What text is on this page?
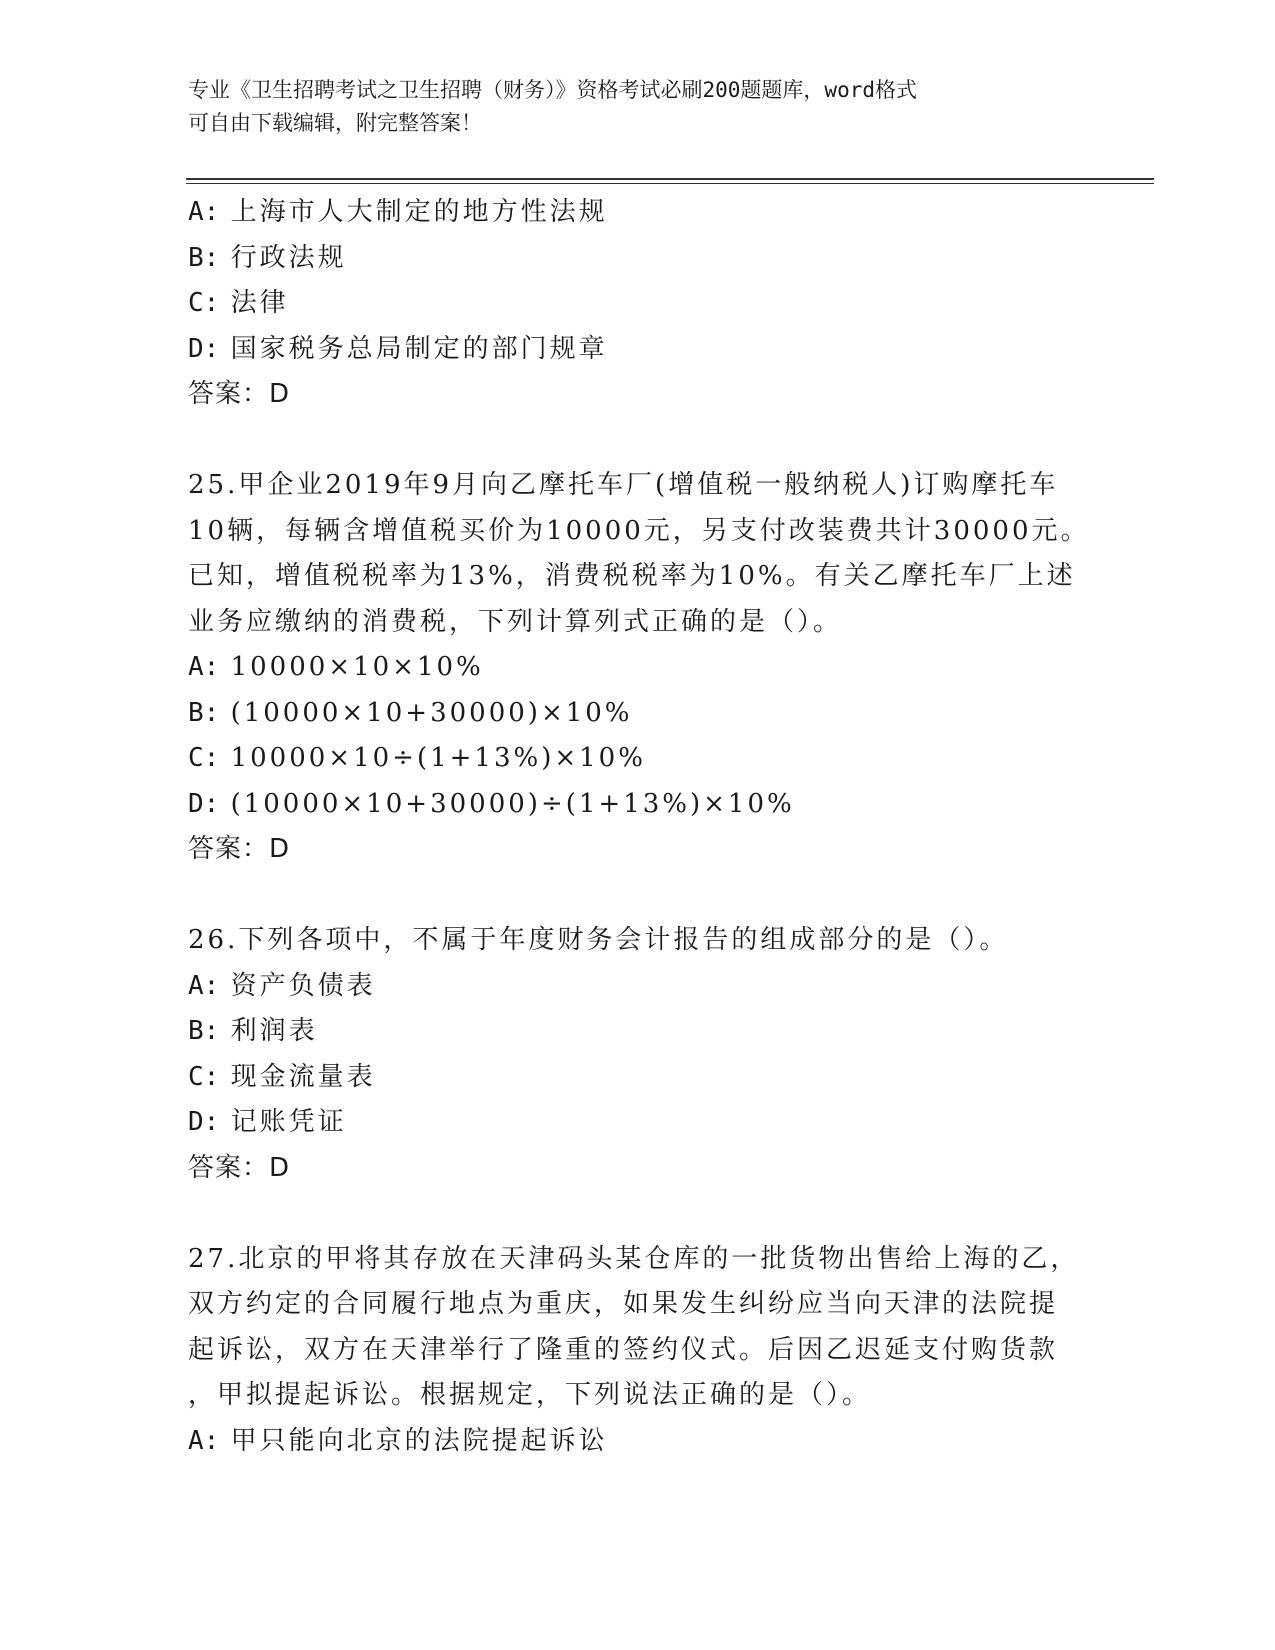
专业《卫生招聘考试之卫生招聘（财务）》资格考试必刷200题题库，word格式

可自由下载编辑，附完整答案！

A: 上海市人大制定的地方性法规

B: 行政法规

C: 法律

D: 国家税务总局制定的部门规章

答案：D

25.甲企业2019年9月向乙摩托车厂(增值税一般纳税人)订购摩托车

10辆，每辆含增值税买价为10000元，另支付改装费共计30000元。

已知，增值税税率为13%，消费税税率为10%。有关乙摩托车厂上述

业务应缴纳的消费税，下列计算列式正确的是（）。

A: 10000×10×10%

B: (10000×10+30000)×10%

C: 10000×10÷(1+13%)×10%

D: (10000×10+30000)÷(1+13%)×10%

答案：D

26.下列各项中，不属于年度财务会计报告的组成部分的是（）。

A: 资产负债表

B: 利润表

C: 现金流量表

D: 记账凭证

答案：D

27.北京的甲将其存放在天津码头某仓库的一批货物出售给上海的乙，

双方约定的合同履行地点为重庆，如果发生纠纷应当向天津的法院提

起诉讼，双方在天津举行了隆重的签约仪式。后因乙迟延支付购货款

，甲拟提起诉讼。根据规定，下列说法正确的是（）。

A: 甲只能向北京的法院提起诉讼
